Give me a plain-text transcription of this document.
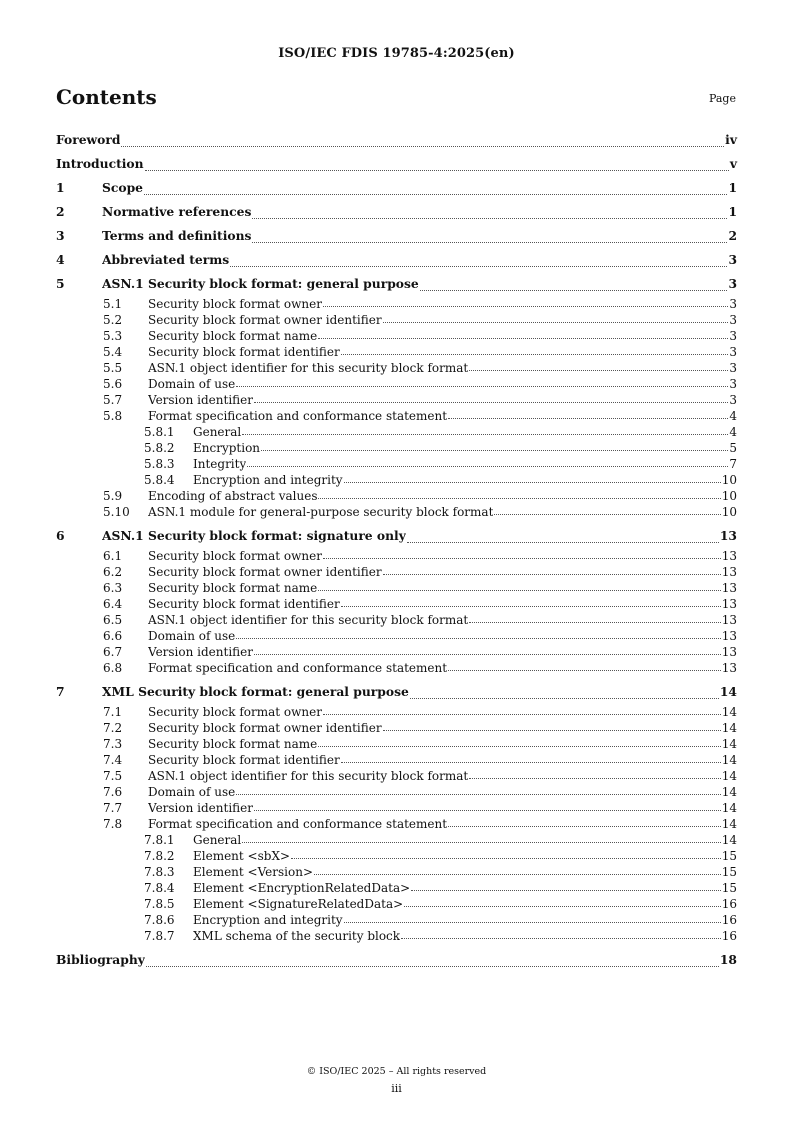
ISO/IEC FDIS 19785-4:2025(en)
Contents	Page
Foreword	iv
Introduction	v
1	Scope	1
2	Normative references	1
3	Terms and definitions	2
4	Abbreviated terms	3
5	ASN.1 Security block format: general purpose	3
5.1	Security block format owner	3
5.2	Security block format owner identifier	3
5.3	Security block format name	3
5.4	Security block format identifier	3
5.5	ASN.1 object identifier for this security block format	3
5.6	Domain of use	3
5.7	Version identifier	3
5.8	Format specification and conformance statement	4
5.8.1	General	4
5.8.2	Encryption	5
5.8.3	Integrity	7
5.8.4	Encryption and integrity	10
5.9	Encoding of abstract values	10
5.10	ASN.1 module for general-purpose security block format	10
6	ASN.1 Security block format: signature only	13
6.1	Security block format owner	13
6.2	Security block format owner identifier	13
6.3	Security block format name	13
6.4	Security block format identifier	13
6.5	ASN.1 object identifier for this security block format	13
6.6	Domain of use	13
6.7	Version identifier	13
6.8	Format specification and conformance statement	13
7	XML Security block format: general purpose	14
7.1	Security block format owner	14
7.2	Security block format owner identifier	14
7.3	Security block format name	14
7.4	Security block format identifier	14
7.5	ASN.1 object identifier for this security block format	14
7.6	Domain of use	14
7.7	Version identifier	14
7.8	Format specification and conformance statement	14
7.8.1	General	14
7.8.2	Element <sbX>	15
7.8.3	Element <Version>	15
7.8.4	Element <EncryptionRelatedData>	15
7.8.5	Element <SignatureRelatedData>	16
7.8.6	Encryption and integrity	16
7.8.7	XML schema of the security block	16
Bibliography	18
© ISO/IEC 2025 – All rights reserved
iii
